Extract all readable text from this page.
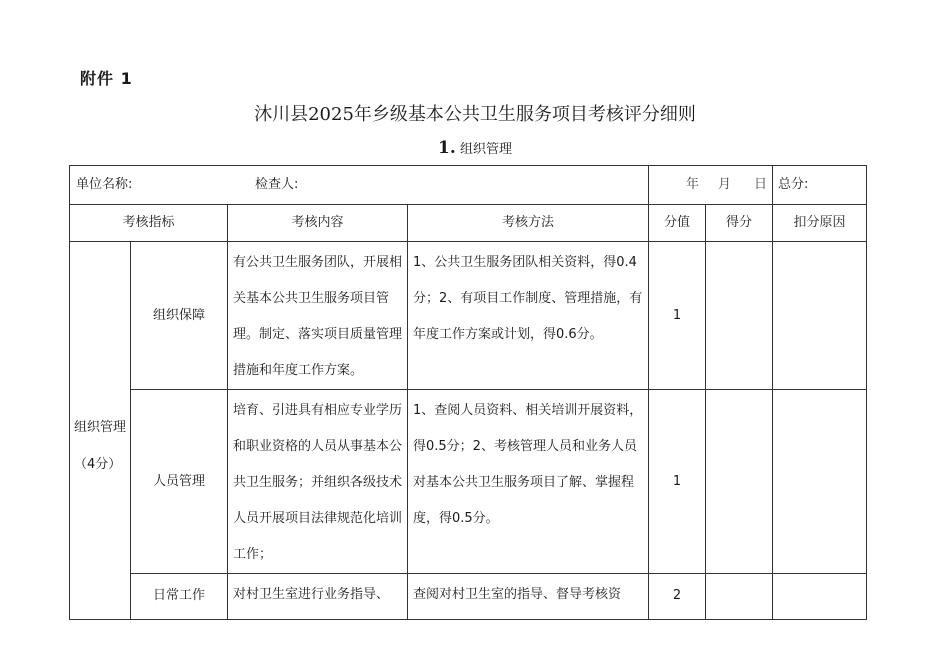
附件 1
沐川县2025年乡级基本公共卫生服务项目考核评分细则
1. 组织管理
单位名称: 检查人:				年 月 日		总分:

考核指标		考核内容	考核方法	分值	得分	扣分原因
组织管理（4分）	组织保障	有公共卫生服务团队，开展相关基本公共卫生服务项目管理。制定、落实项目质量管理措施和年度工作方案。	1、公共卫生服务团队相关资料，得0.4分；2、有项目工作制度、管理措施，有年度工作方案或计划，得0.6分。	1		
	人员管理	培育、引进具有相应专业学历和职业资格的人员从事基本公共卫生服务；并组织各级技术人员开展项目法律规范化培训工作；	1、查阅人员资料、相关培训开展资料，得0.5分；2、考核管理人员和业务人员对基本公共卫生服务项目了解、掌握程度，得0.5分。	1		
	日常工作	对村卫生室进行业务指导、	查阅对村卫生室的指导、督导考核资	2		
